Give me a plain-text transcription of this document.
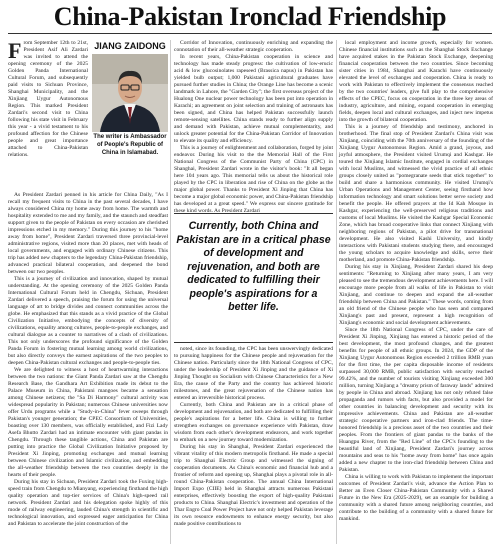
China-Pakistan Ironclad Friendship

From September 12th to 21st, President Asif Ali Zardari was invited to attend the opening ceremony of the 2025 Golden Panda International Cultural Forum, and subsequently paid visits to Sichuan Province, Shanghai Municipality, and the Xinjiang Uygur Autonomous Region. This marked President Zardari's second visit to China following his state visit in February this year - a vivid testament to his profound affection for the Chinese people and great importance attached to China-Pakistan relations.

JIANG ZAIDONG
The writer is Ambassador of People's Republic of China in Islamabad.

As President Zardari penned in his article for China Daily, "As I recall my frequent visits to China in the past several decades, I have always considered China my home away from home. The warmth and hospitality extended to me and my family, and the staunch and steadfast support given to the people of Pakistan on every occasion are cherished impressions etched in my memory." During this journey to his "home away from home", President Zardari traversed three provincial-level administrative regions, visited more than 20 places, met with heads of local governments, and engaged with ordinary Chinese citizens. This trip has added new chapters to the legendary China-Pakistan friendship, advanced practical bilateral cooperation, and deepened the bond between our two peoples.

This is a journey of civilization and innovation, shaped by mutual understanding. At the opening ceremony of the 2025 Golden Panda International Cultural Forum held in Chengdu, Sichuan, President Zardari delivered a speech, praising the forum for using the universal language of art to bridge divides and connect communities across the globe. He emphasized that this stands as a vivid practice of the Global Civilization Initiative, embodying the concepts of diversity of civilizations, equality among cultures, people-to-people exchanges, and cultural dialogue as a counter to narratives of a clash of civilizations. This not only underscores the profound significance of the Golden Panda Forum in fostering mutual learning among world civilizations, but also directly conveys the earnest aspirations of the two peoples to deepen China-Pakistan cultural exchanges and people-to-people ties.

We are delighted to witness a host of heartwarming interactions between the two nations: the Giant Panda Zardari saw at the Chengdu Research Base, the Gandhara Art Exhibition made its debut to the Palace Museum in China, Pakistani mangoes became a sensation among Chinese netizens; the "Sa Di Harmony" cultural activity was widespread popularity in Pakistan; numerous Chinese universities now offer Urdu programs while a "Study-in-China" fever sweeps through Pakistan's younger generation; the CPEC Consortium of Universities, boasting over 130 members, was officially established, and Fizi Lady Asefa Bhutto Zardari had an intimate encounter with giant pandas in Chengdu. Through these tangible actions, China and Pakistan are putting into practice the Global Civilization Initiative proposed by President Xi Jinping, promoting exchanges and mutual learning between Chinese civilization and Islamic civilization, and embedding the all-weather friendship between the two countries deeply in the hearts of their people.

During his stay in Sichuan, President Zardari took the Fuxing high-speed train from Chengdu to Mianyang, experiencing firsthand the high quality operation and top-tier services of China's high-speed rail network. President Zardari and his delegation spoke highly of this mode of railway engineering, lauded China's strength in scientific and technological innovation, and expressed eager anticipation for China and Pakistan to accelerate the joint construction of the

Corridor of Innovation, continuously enriching and expanding the connotation of their all-weather strategic cooperation.

In recent years, China-Pakistan cooperation in science and technology has made steady progress: the cultivation of low-erucic acid & low glucosinolates rapeseed (Brassica napus) in Pakistan has yielded bulb output; 1,000 Pakistani agricultural graduates have pursued further studies in China; the Orange Line has become a scenic landmark in Lahore, the "Garden City"; the first overseas project of the Hualong One nuclear power technology has been put into operation in Karachi; an agreement on joint selection and training of astronauts has been signed, and China has helped Pakistan successfully launch remote-sensing satellites. China stands ready to further align supply and demand with Pakistan, achieve mutual complementarity, and unlock greater potential for the China-Pakistan Corridor of Innovation to elevate its quality and efficiency.

This is a journey of enlightenment and collaboration, forged by joint endeavor. During his visit to the the Memorial Hall of the First National Congress of the Communist Party of China (CPC) in Shanghai, President Zardari wrote in the visitor's book: "It all began here 104 years ago. This memorial tells us about the historical role played by the CPC in liberation and rise of China on the globe as the major global power. Thanks to President Xi Jinping that China has become a major global economic power, and China-Pakistan friendship has developed at a great speed." We express our sincere gratitude for these kind words. As President Zardari

Currently, both China and Pakistan are in a critical phase of development and rejuvenation, and both are dedicated to fulfilling their people's aspirations for a better life.

noted, since its founding, the CPC has been unswervingly dedicated to pursuing happiness for the Chinese people and rejuvenation for the Chinese nation. Particularly since the 18th National Congress of CPC, under the leadership of President Xi Jinping and the guidance of Xi Jinping Thought on Socialism with Chinese Characteristics for a New Era, the cause of the Party and the country has achieved historic milestones, and the great rejuvenation of the Chinese nation has entered an irreversible historical process.

Currently, both China and Pakistan are in a critical phase of development and rejuvenation, and both are dedicated to fulfilling their people's aspirations for a better life. China is willing to further strengthen exchanges on governance experience with Pakistan, draw wisdom from each other's development endeavors, and work together to embark on a new journey toward modernization.

During his stay in Shanghai, President Zardari experienced the vibrant vitality of this modern metropolis firsthand. He made a special trip to Shanghai Electric Group and witnessed the signing of cooperation documents. As China's economic and financial hub and a frontier of reform and opening up, Shanghai plays a pivotal role in all-round China-Pakistan cooperation. The annual China International Import Expo (CIIE) held in Shanghai attracts numerous Pakistani enterprises, effectively boosting the export of high-quality Pakistani products to China. Shanghai Electric's investment and operation of the Thar Engro Coal Power Project have not only helped Pakistan leverage its own resource endowments to enhance energy security, but also made positive contributions to

local employment and income growth, especially for women. Chinese financial institutions such as the Shanghai Stock Exchange have acquired stakes in the Pakistan Stock Exchange, deepening financial cooperation between the two countries. Since becoming sister cities in 1984, Shanghai and Karachi have continuously elevated the level of exchanges and cooperation. China is ready to work with Pakistan to effectively implement the consensus reached by the two countries' leaders, give full play to the comprehensive effects of the CPEC, focus on cooperation in the three key areas of industry, agriculture, and mining, expand cooperation in emerging fields, deepen local and cultural exchanges, and inject new impetus into the growth of bilateral cooperation.

This is a journey of friendship and testimony, anchored in brotherhood. The final stop of President Zardari's China visit was Xinjiang, coinciding with the 70th anniversary of the founding of the Xinjiang Uygur Autonomous Region. Amid a grand, joyous, and joyful atmosphere, the President visited Urumqi and Kashgar. He toured the Xinjiang Islamic Institute, engaged in cordial exchanges with local Muslims, and witnessed the vivid practice of all ethnic groups closely united as "pomegranate seeds that stick together" to build and share a harmonious community. He visited Urumqi's Urban Operations and Management Center, seeing firsthand how information technology and smart solutions better serve society and benefit the people. He offered prayers at the Id Kah Mosque in Kashgar, experiencing the well-preserved religious traditions and customs of local Muslims. He visited the Kashgar Special Economic Zone, which has broad cooperative links that connect Xinjiang with neighboring regions of Pakistan, a pilot drive for transnational development. He also visited Kashi University, and kindly interactions with Pakistani students studying there, and encouraged the young scholars to acquire knowledge and skills, serve their motherland, and promote China-Pakistan friendship.

During his stay in Xinjiang, President Zardari shared his deep sentiments: "Returning to Xinjiang after many years, I am very pleased to see the tremendous development achievements here. I will encourage more people from all walks of life in Pakistan to visit Xinjiang, and continue to deepen and expand the all-weather friendship between China and Pakistan." These words, coming from an old friend of the Chinese people who has seen and compared Xinjiang's past and present, represent a high recognition of Xinjiang's economic and social development achievements.

Since the 18th National Congress of CPC, under the care of President Xi Jinping, Xinjiang has entered a historic period of the best development, the most profound changes, and the greatest benefits for people of all ethnic groups. In 2024, the GDP of the Xinjiang Uygur Autonomous Region exceeded 2 trillion RMB yuan for the first time, the per capita disposable income of residents surpassed 30,000 RMB, public satisfaction with security reached 99.42%, and the number of tourists visiting Xinjiang exceeded 300 million, turning Xinjiang a "dreamy prism of faraway lands" admired by people in China and abroad. Xinjiang has not only refuted false propaganda and rumors with facts, but also provided a model for other countries in balancing development and security with its impressive achievements. China and Pakistan are all-weather strategic cooperative partners and iron-clad friends. The time-honored friendship is a precious asset of the two countries and their peoples. From the frontiers of giant pandas to the banks of the Huangpu River, from the "Red Line" of the CPC's founding to the beautiful land of Xinjiang, President Zardari's journey across mountains and seas to his "home away from home" has once again added a new chapter to the iron-clad friendship between China and Pakistan.

China is willing to work with Pakistan to implement the important outcomes of President Zardari's visit, advance the Action Plan to Better an Even Closer China-Pakistan Community with a Shared Future in the New Era (2025-2029), set an example for building a community with a shared future among neighboring countries, and contribute to the building of a community with a shared future for mankind.
